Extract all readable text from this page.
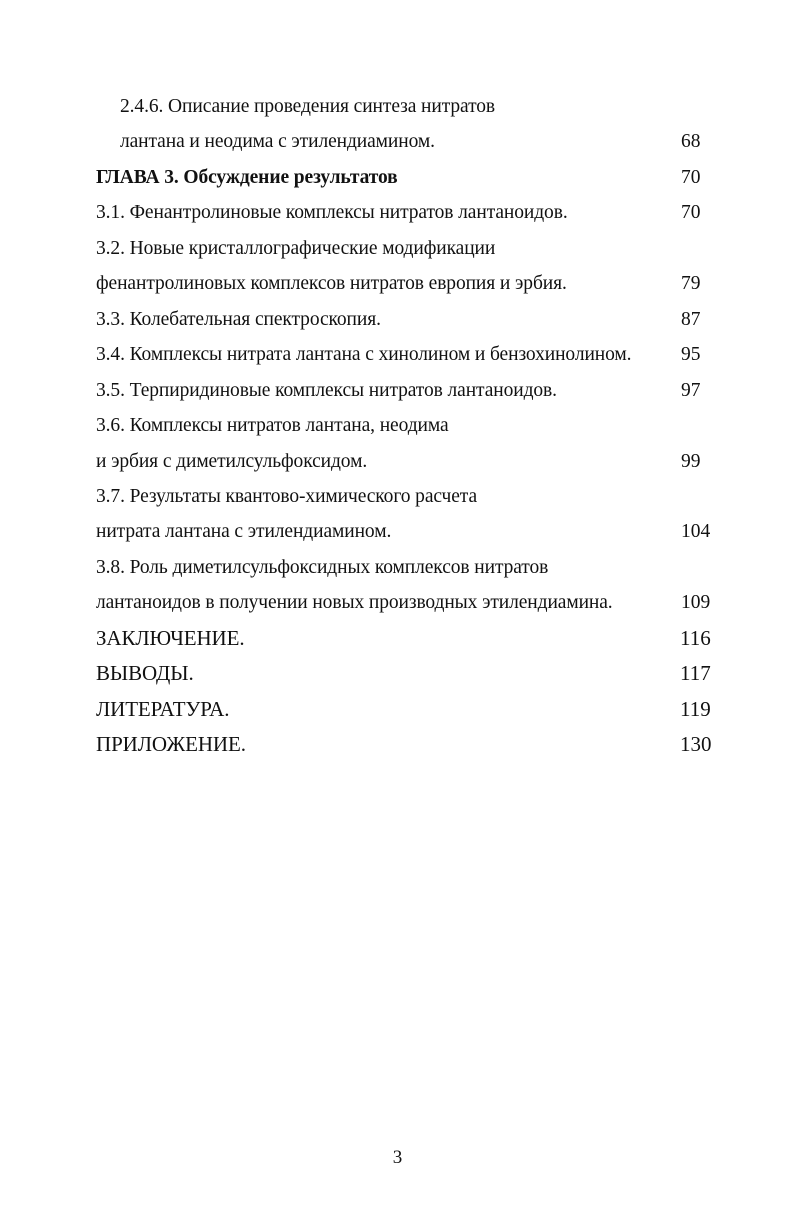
2.4.6. Описание проведения синтеза нитратов
лантана и неодима с этилендиамином.	68
ГЛАВА 3. Обсуждение результатов	70
3.1. Фенантролиновые комплексы нитратов лантаноидов.	70
3.2. Новые кристаллографические модификации
фенантролиновых комплексов нитратов европия и эрбия.	79
3.3. Колебательная спектроскопия.	87
3.4. Комплексы нитрата лантана с хинолином и бензохинолином.	95
3.5. Терпиридиновые комплексы нитратов лантаноидов.	97
3.6. Комплексы нитратов лантана, неодима
и эрбия с диметилсульфоксидом.	99
3.7. Результаты квантово-химического расчета
нитрата лантана с этилендиамином.	104
3.8. Роль диметилсульфоксидных комплексов нитратов
лантаноидов в получении новых производных этилендиамина.	109
ЗАКЛЮЧЕНИЕ.	116
ВЫВОДЫ.	117
ЛИТЕРАТУРА.	119
ПРИЛОЖЕНИЕ.	130
3
